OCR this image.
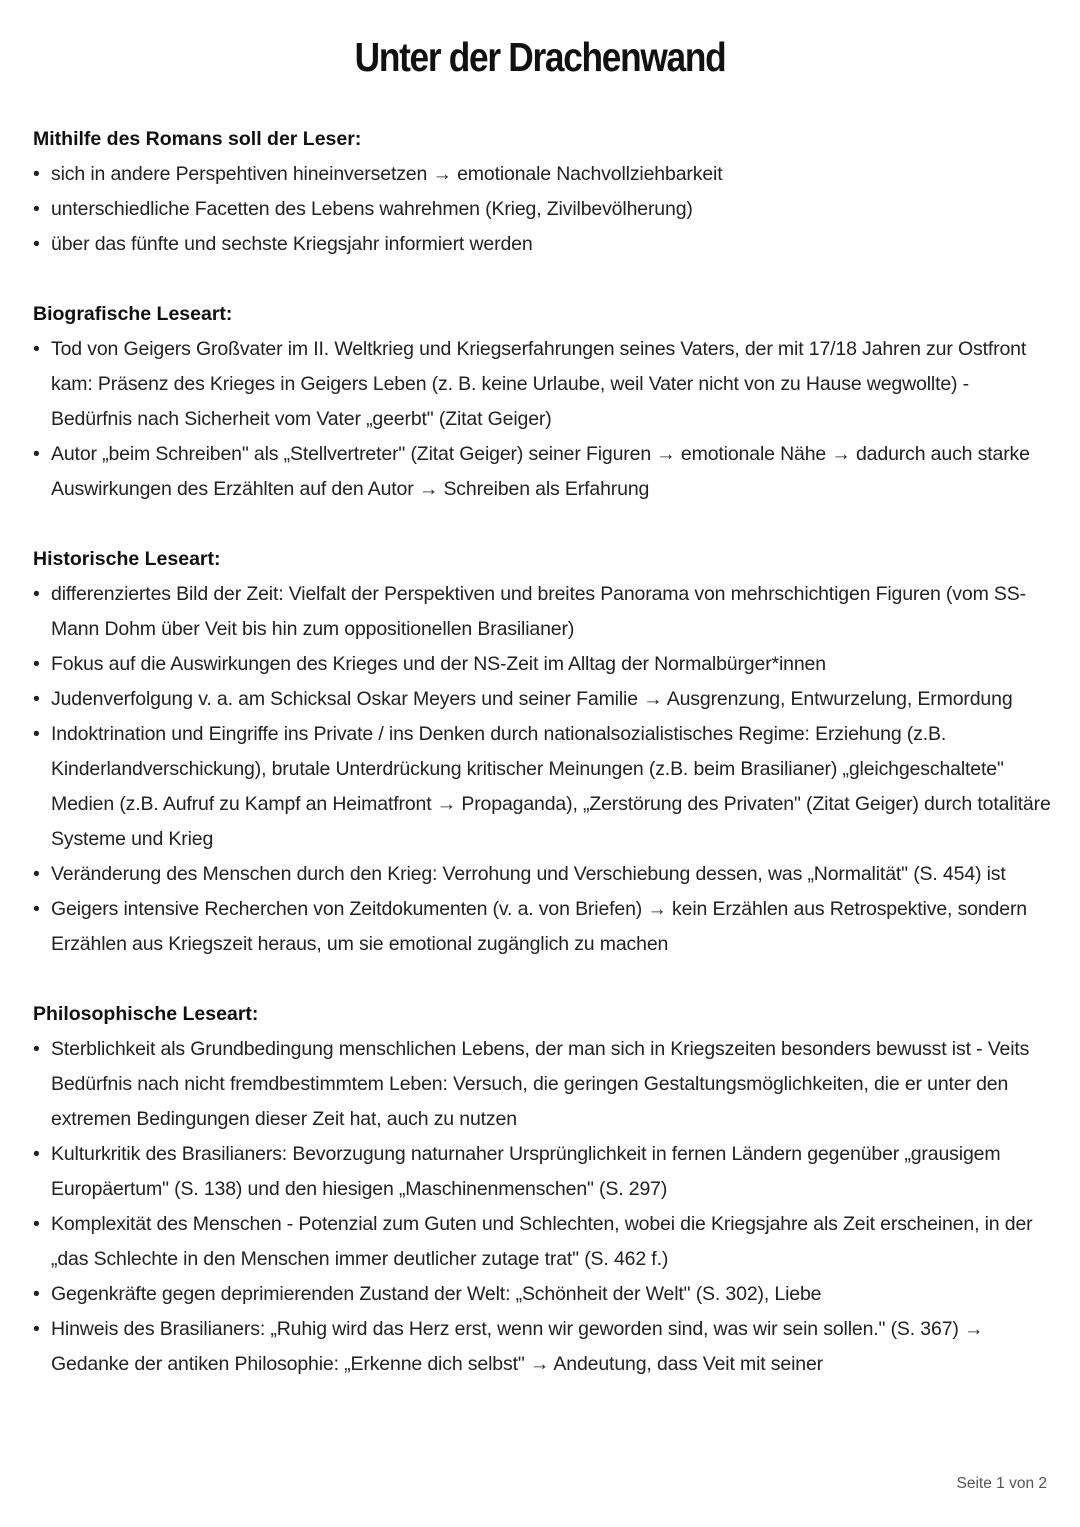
Unter der Drachenwand

Mithilfe des Romans soll der Leser:

• sich in andere Perspehtiven hineinversetzen → emotionale Nachvollziehbarkeit
• unterschiedliche Facetten des Lebens wahrehmen (Krieg, Zivilbevölherung)
• über das fünfte und sechste Kriegsjahr informiert werden

Biografische Leseart:

• Tod von Geigers Großvater im II. Weltkrieg und Kriegserfahrungen seines Vaters, der mit 17/18 Jahren zur Ostfront kam: Präsenz des Krieges in Geigers Leben (z. B. keine Urlaube, weil Vater nicht von zu Hause wegwollte) - Bedürfnis nach Sicherheit vom Vater „geerbt" (Zitat Geiger)
• Autor „beim Schreiben" als „Stellvertreter" (Zitat Geiger) seiner Figuren → emotionale Nähe → dadurch auch starke Auswirkungen des Erzählten auf den Autor → Schreiben als Erfahrung

Historische Leseart:

• differenziertes Bild der Zeit: Vielfalt der Perspektiven und breites Panorama von mehrschichtigen Figuren (vom SS-Mann Dohm über Veit bis hin zum oppositionellen Brasilianer)
• Fokus auf die Auswirkungen des Krieges und der NS-Zeit im Alltag der Normalbürger*innen
• Judenverfolgung v. a. am Schicksal Oskar Meyers und seiner Familie → Ausgrenzung, Entwurzelung, Ermordung
• Indoktrination und Eingriffe ins Private / ins Denken durch nationalsozialistisches Regime: Erziehung (z.B. Kinderlandverschickung), brutale Unterdrückung kritischer Meinungen (z.B. beim Brasilianer) „gleichgeschaltete" Medien (z.B. Aufruf zu Kampf an Heimatfront → Propaganda), „Zerstörung des Privaten" (Zitat Geiger) durch totalitäre Systeme und Krieg
• Veränderung des Menschen durch den Krieg: Verrohung und Verschiebung dessen, was „Normalität" (S. 454) ist
• Geigers intensive Recherchen von Zeitdokumenten (v. a. von Briefen) → kein Erzählen aus Retrospektive, sondern Erzählen aus Kriegszeit heraus, um sie emotional zugänglich zu machen

Philosophische Leseart:

• Sterblichkeit als Grundbedingung menschlichen Lebens, der man sich in Kriegszeiten besonders bewusst ist - Veits Bedürfnis nach nicht fremdbestimmtem Leben: Versuch, die geringen Gestaltungsmöglichkeiten, die er unter den extremen Bedingungen dieser Zeit hat, auch zu nutzen
• Kulturkritik des Brasilianers: Bevorzugung naturnaher Ursprünglichkeit in fernen Ländern gegenüber „grausigem Europäertum" (S. 138) und den hiesigen „Maschinenmenschen" (S. 297)
• Komplexität des Menschen - Potenzial zum Guten und Schlechten, wobei die Kriegsjahre als Zeit erscheinen, in der „das Schlechte in den Menschen immer deutlicher zutage trat" (S. 462 f.)
• Gegenkräfte gegen deprimierenden Zustand der Welt: „Schönheit der Welt" (S. 302), Liebe
• Hinweis des Brasilianers: „Ruhig wird das Herz erst, wenn wir geworden sind, was wir sein sollen." (S. 367) → Gedanke der antiken Philosophie: „Erkenne dich selbst" → Andeutung, dass Veit mit seiner
Seite 1 von 2
